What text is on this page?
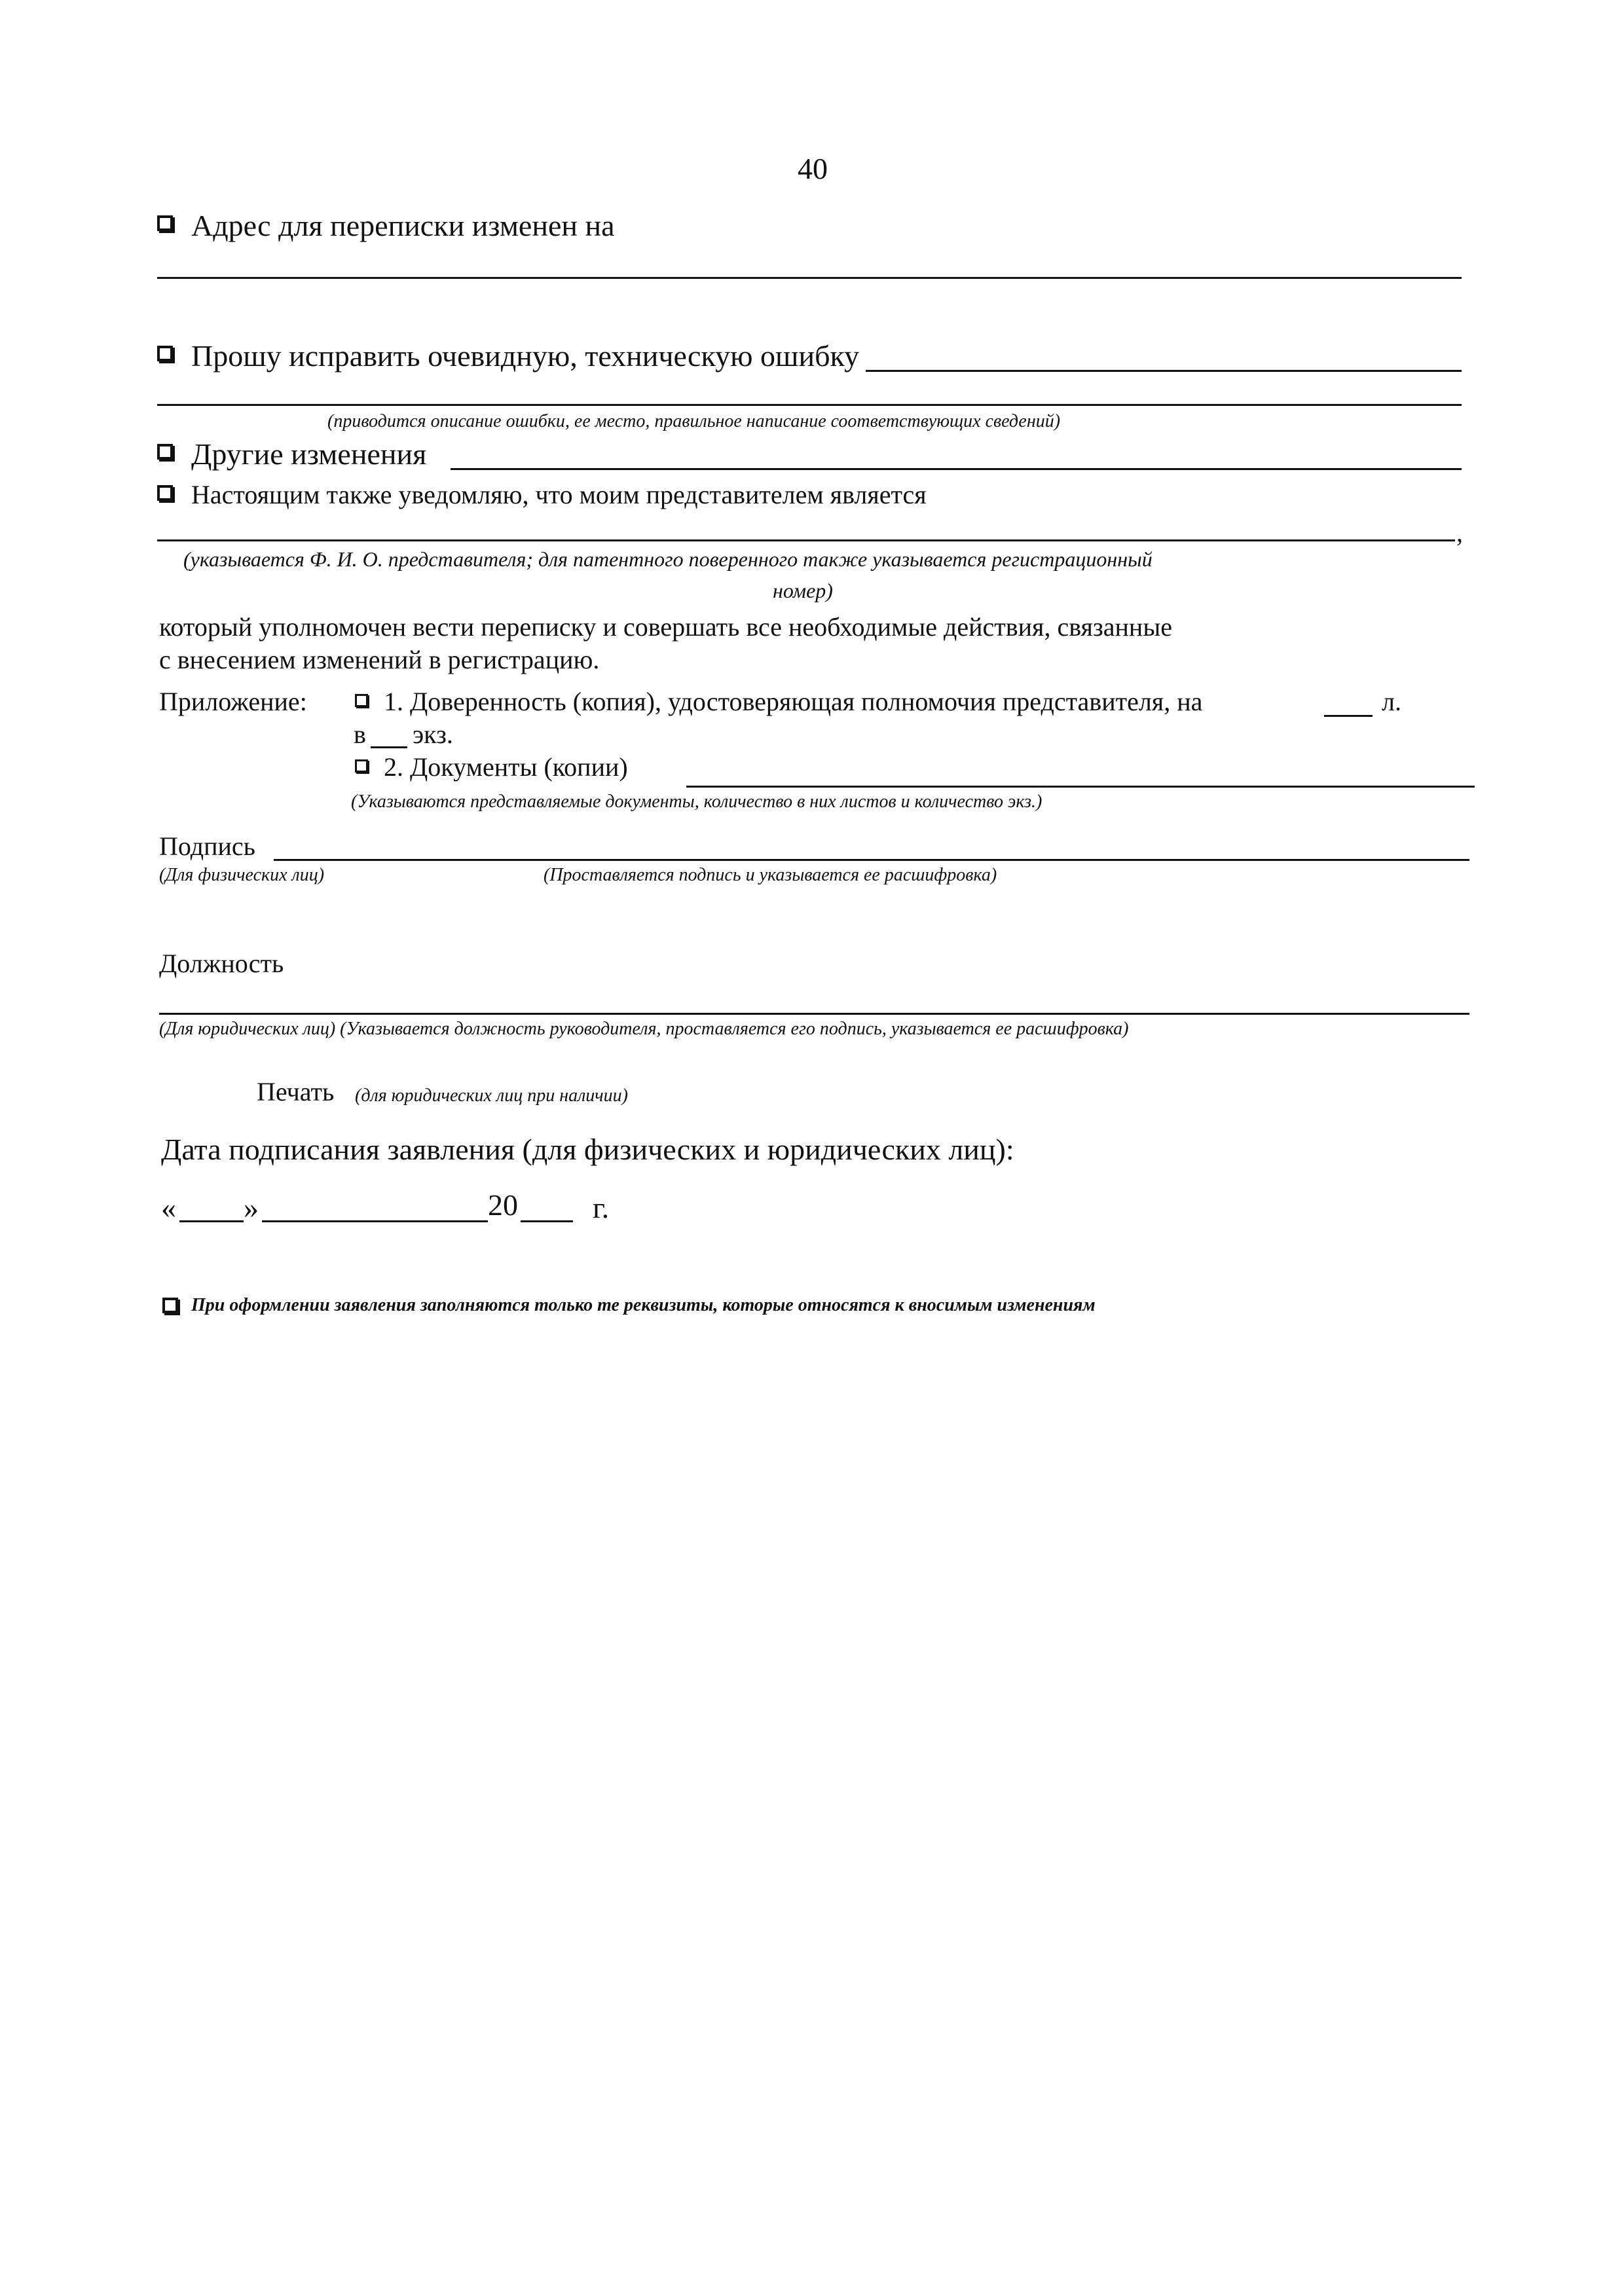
40
Адрес для переписки изменен на
Прошу исправить очевидную, техническую ошибку
(приводится описание ошибки, ее место, правильное написание соответствующих сведений)
Другие изменения
Настоящим также уведомляю, что моим представителем является
,
(указывается Ф. И. О. представителя; для патентного поверенного также указывается регистрационный
номер)
который уполномочен вести переписку и совершать все необходимые действия, связанные
с внесением изменений в регистрацию.
Приложение:	1. Доверенность (копия), удостоверяющая полномочия представителя, на	л.
в экз.
2. Документы (копии)
(Указываются представляемые документы, количество в них листов и количество экз.)
Подпись
(Для физических лиц)	(Проставляется подпись и указывается ее расшифровка)
Должность
(Для юридических лиц) (Указывается должность руководителя, проставляется его подпись, указывается ее расшифровка)
Печать (для юридических лиц при наличии)
Дата подписания заявления (для физических и юридических лиц):
« »	20 г.
При оформлении заявления заполняются только те реквизиты, которые относятся к вносимым изменениям
